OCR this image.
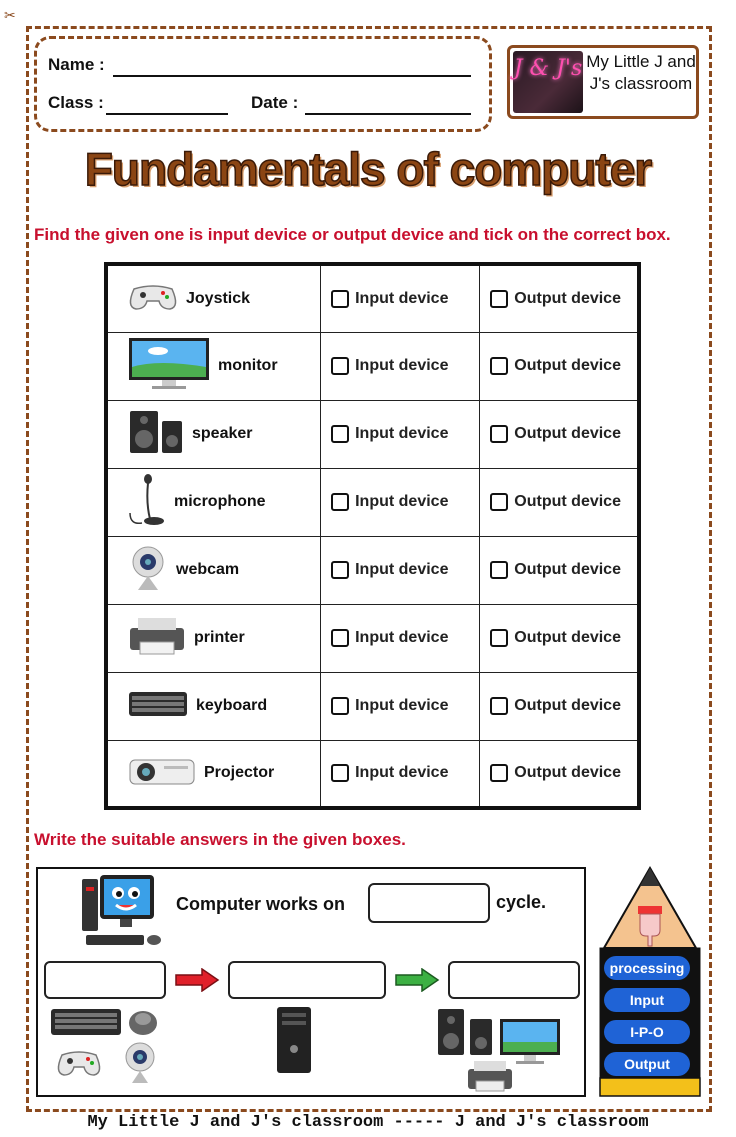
✂
Name :
Class :	Date :
J & J's My Little J and J's classroom
Fundamentals of computer
Find the given one is input device or output device and tick on the correct box.
Joystick	Input device	Output device

monitor	Input device	Output device

speaker	Input device	Output device

microphone	Input device	Output device

webcam	Input device	Output device

printer	Input device	Output device

keyboard	Input device	Output device

Projector	Input device	Output device
Write the suitable answers in the given boxes.
Computer works on	cycle.
processing
Input
I-P-O
Output
My Little J and J's classroom ----- J and J's classroom
